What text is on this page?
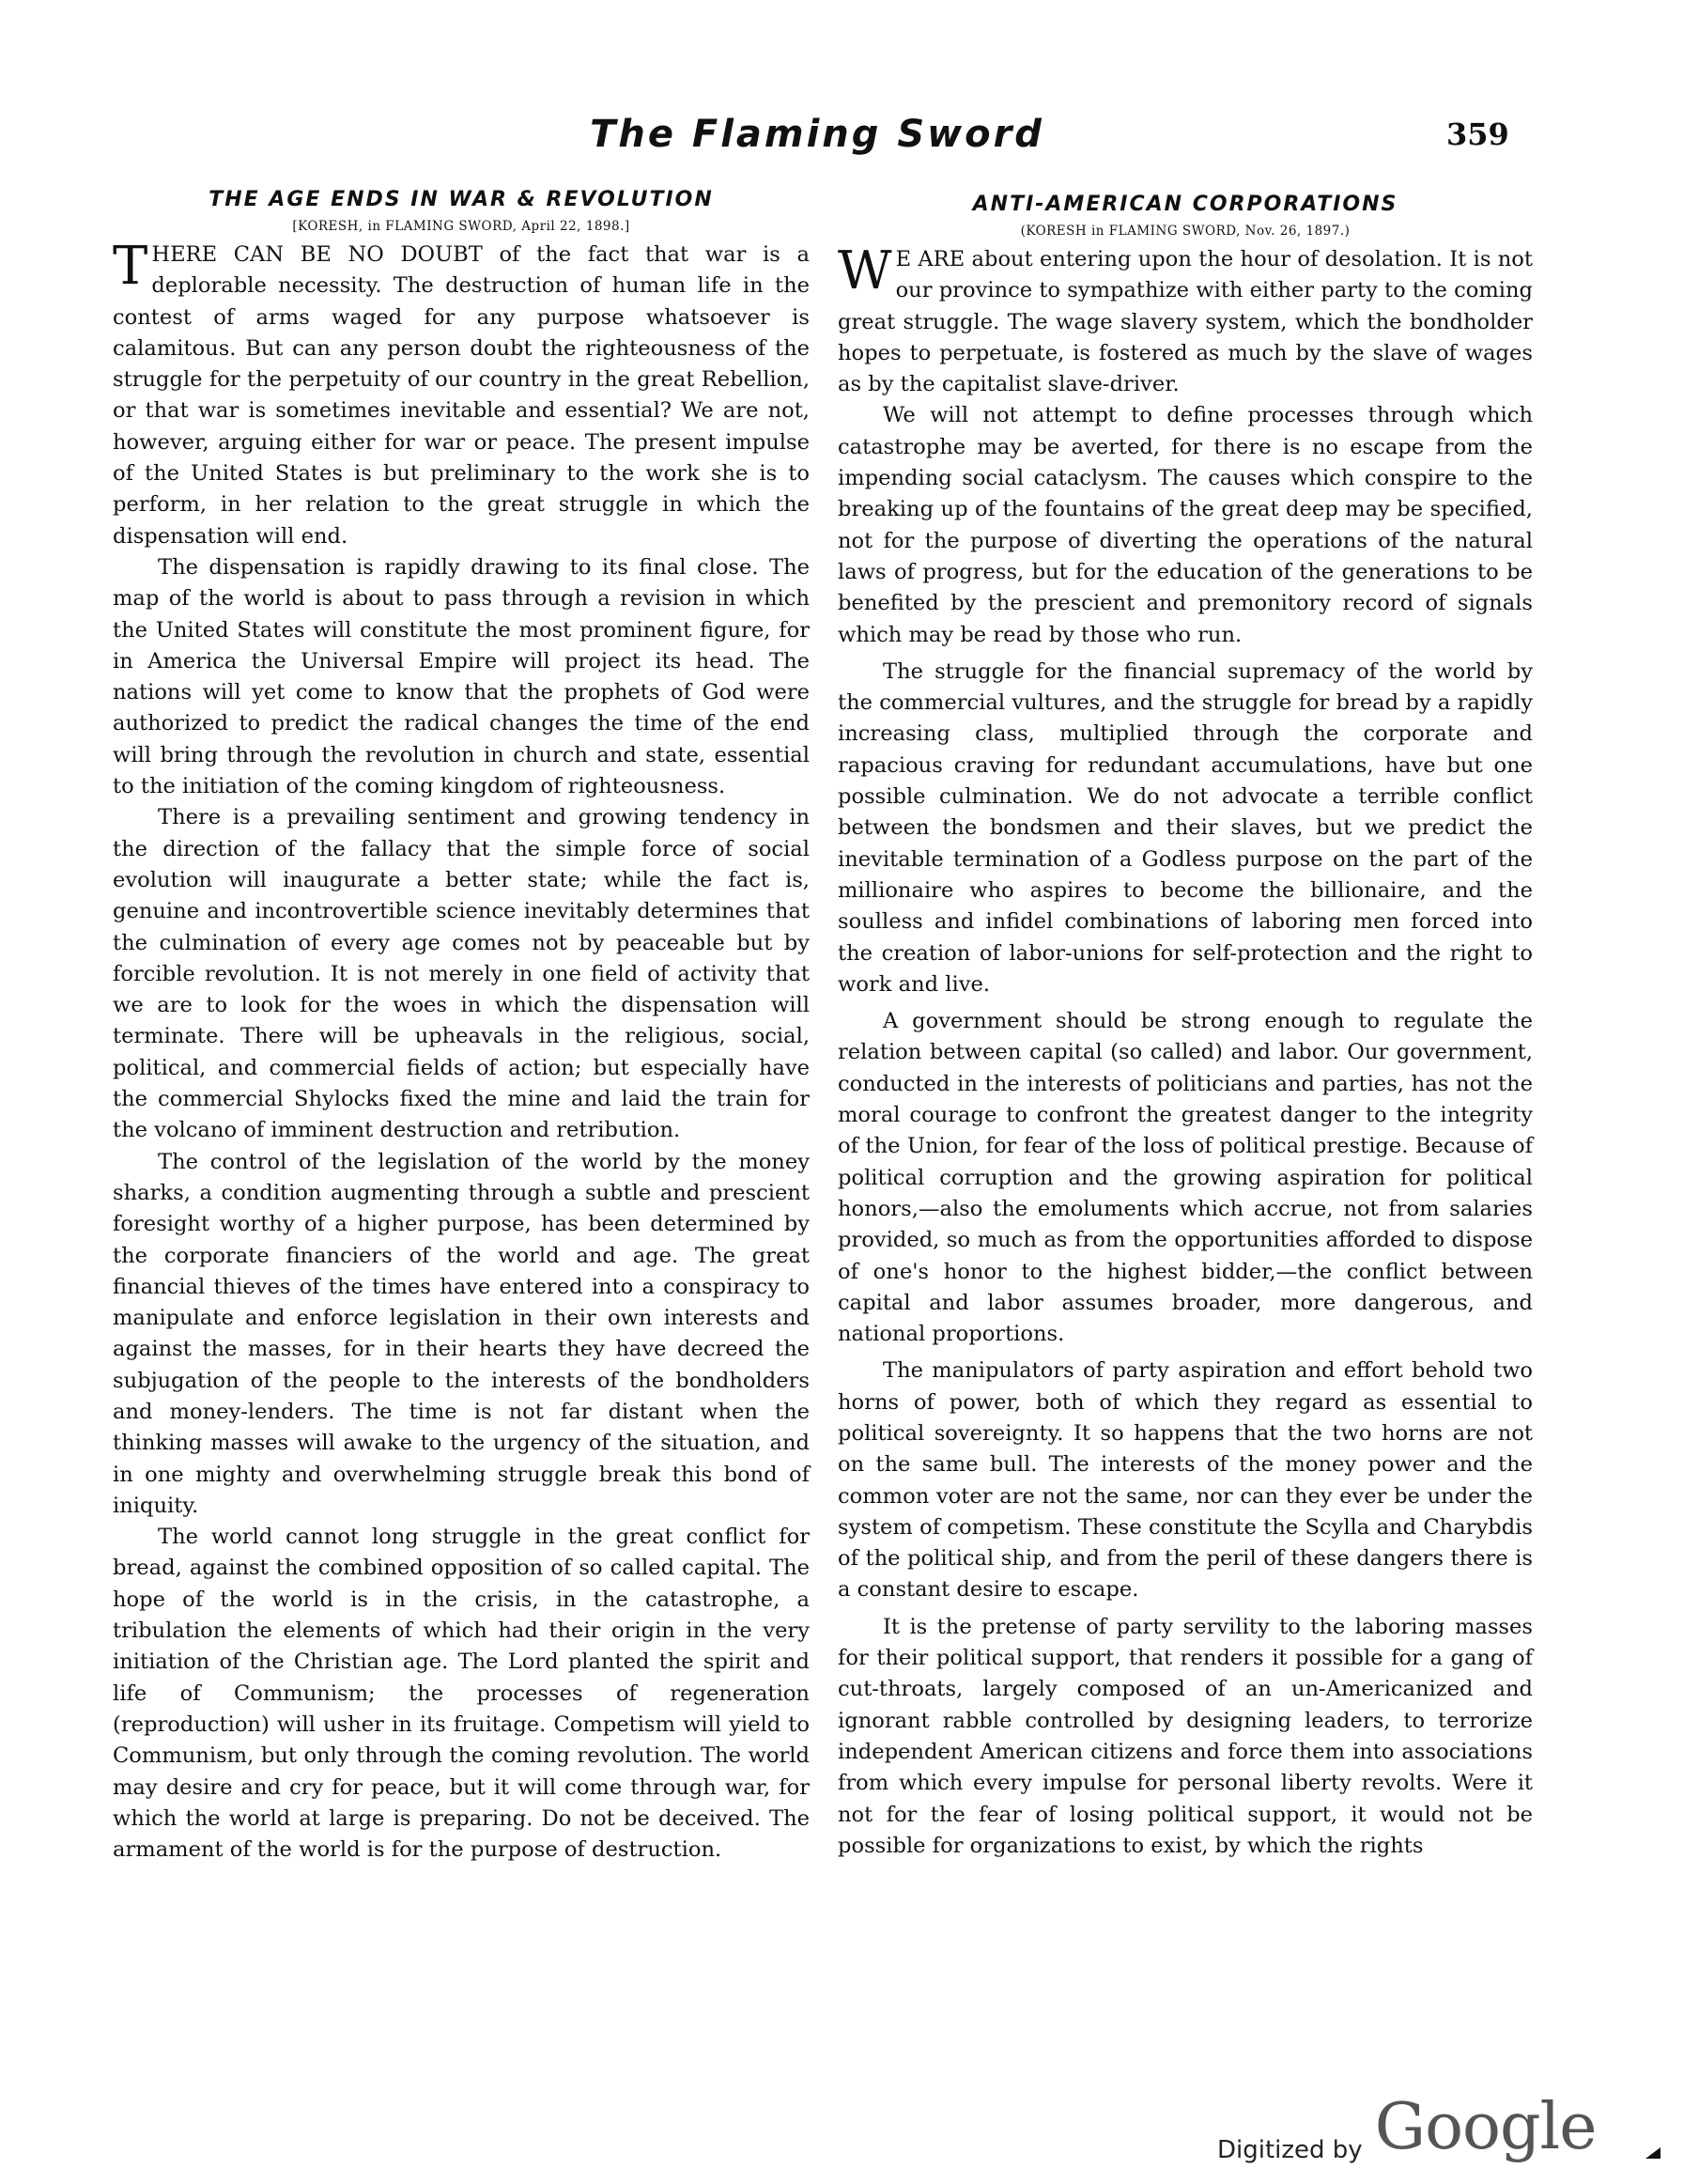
The Flaming Sword	359
THE AGE ENDS IN WAR & REVOLUTION
[KORESH, in FLAMING SWORD, April 22, 1898.]

THERE CAN BE NO DOUBT of the fact that war is a deplorable necessity. The destruction of human life in the contest of arms waged for any purpose whatsoever is calamitous. But can any person doubt the righteousness of the struggle for the perpetuity of our country in the great Rebellion, or that war is sometimes inevitable and essential? We are not, however, arguing either for war or peace. The present impulse of the United States is but preliminary to the work she is to perform, in her relation to the great struggle in which the dispensation will end.

The dispensation is rapidly drawing to its final close. The map of the world is about to pass through a revision in which the United States will constitute the most prominent figure, for in America the Universal Empire will project its head. The nations will yet come to know that the prophets of God were authorized to predict the radical changes the time of the end will bring through the revolution in church and state, essential to the initiation of the coming kingdom of righteousness.

There is a prevailing sentiment and growing tendency in the direction of the fallacy that the simple force of social evolution will inaugurate a better state; while the fact is, genuine and incontrovertible science inevitably determines that the culmination of every age comes not by peaceable but by forcible revolution. It is not merely in one field of activity that we are to look for the woes in which the dispensation will terminate. There will be upheavals in the religious, social, political, and commercial fields of action; but especially have the commercial Shylocks fixed the mine and laid the train for the volcano of imminent destruction and retribution.

The control of the legislation of the world by the money sharks, a condition augmenting through a subtle and prescient foresight worthy of a higher purpose, has been determined by the corporate financiers of the world and age. The great financial thieves of the times have entered into a conspiracy to manipulate and enforce legislation in their own interests and against the masses, for in their hearts they have decreed the subjugation of the people to the interests of the bondholders and money-lenders. The time is not far distant when the thinking masses will awake to the urgency of the situation, and in one mighty and overwhelming struggle break this bond of iniquity.

The world cannot long struggle in the great conflict for bread, against the combined opposition of so called capital. The hope of the world is in the crisis, in the catastrophe, a tribulation the elements of which had their origin in the very initiation of the Christian age. The Lord planted the spirit and life of Communism; the processes of regeneration (reproduction) will usher in its fruitage. Competism will yield to Communism, but only through the coming revolution. The world may desire and cry for peace, but it will come through war, for which the world at large is preparing. Do not be deceived. The armament of the world is for the purpose of destruction.

ANTI-AMERICAN CORPORATIONS
(KORESH in FLAMING SWORD, Nov. 26, 1897.)

W E ARE about entering upon the hour of desolation. It is not our province to sympathize with either party to the coming great struggle. The wage slavery system, which the bondholder hopes to perpetuate, is fostered as much by the slave of wages as by the capitalist slave-driver.

We will not attempt to define processes through which catastrophe may be averted, for there is no escape from the impending social cataclysm. The causes which conspire to the breaking up of the fountains of the great deep may be specified, not for the purpose of diverting the operations of the natural laws of progress, but for the education of the generations to be benefited by the prescient and premonitory record of signals which may be read by those who run.

The struggle for the financial supremacy of the world by the commercial vultures, and the struggle for bread by a rapidly increasing class, multiplied through the corporate and rapacious craving for redundant accumulations, have but one possible culmination. We do not advocate a terrible conflict between the bondsmen and their slaves, but we predict the inevitable termination of a Godless purpose on the part of the millionaire who aspires to become the billionaire, and the soulless and infidel combinations of laboring men forced into the creation of labor-unions for self-protection and the right to work and live.

A government should be strong enough to regulate the relation between capital (so called) and labor. Our government, conducted in the interests of politicians and parties, has not the moral courage to confront the greatest danger to the integrity of the Union, for fear of the loss of political prestige. Because of political corruption and the growing aspiration for political honors,—also the emoluments which accrue, not from salaries provided, so much as from the opportunities afforded to dispose of one's honor to the highest bidder,—the conflict between capital and labor assumes broader, more dangerous, and national proportions.

The manipulators of party aspiration and effort behold two horns of power, both of which they regard as essential to political sovereignty. It so happens that the two horns are not on the same bull. The interests of the money power and the common voter are not the same, nor can they ever be under the system of competism. These constitute the Scylla and Charybdis of the political ship, and from the peril of these dangers there is a constant desire to escape.

It is the pretense of party servility to the laboring masses for their political support, that renders it possible for a gang of cut-throats, largely composed of an un-Americanized and ignorant rabble controlled by designing leaders, to terrorize independent American citizens and force them into associations from which every impulse for personal liberty revolts. Were it not for the fear of losing political support, it would not be possible for organizations to exist, by which the rights

Digitized by Google
